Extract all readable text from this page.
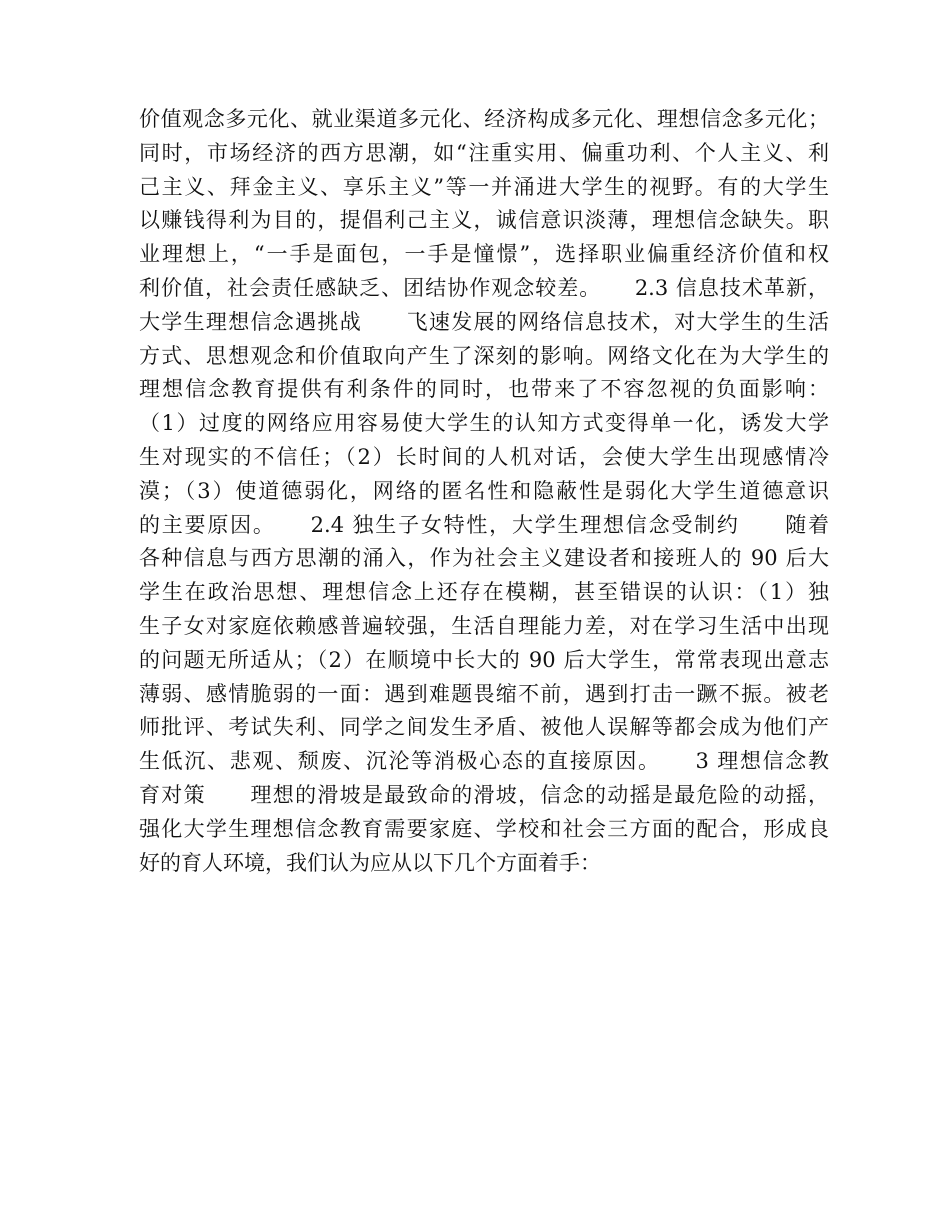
价值观念多元化、就业渠道多元化、经济构成多元化、理想信念多元化；
同时，市场经济的西方思潮，如“注重实用、偏重功利、个人主义、利
己主义、拜金主义、享乐主义”等一并涌进大学生的视野。有的大学生
以赚钱得利为目的，提倡利己主义，诚信意识淡薄，理想信念缺失。职
业理想上，“一手是面包，一手是憧憬”，选择职业偏重经济价值和权
利价值，社会责任感缺乏、团结协作观念较差。　　2.3 信息技术革新，
大学生理想信念遇挑战　　飞速发展的网络信息技术，对大学生的生活
方式、思想观念和价值取向产生了深刻的影响。网络文化在为大学生的
理想信念教育提供有利条件的同时，也带来了不容忽视的负面影响：
（1）过度的网络应用容易使大学生的认知方式变得单一化，诱发大学
生对现实的不信任；（2）长时间的人机对话，会使大学生出现感情冷
漠；（3）使道德弱化，网络的匿名性和隐蔽性是弱化大学生道德意识
的主要原因。　　2.4 独生子女特性，大学生理想信念受制约　　随着
各种信息与西方思潮的涌入，作为社会主义建设者和接班人的 90 后大
学生在政治思想、理想信念上还存在模糊，甚至错误的认识：（1）独
生子女对家庭依赖感普遍较强，生活自理能力差，对在学习生活中出现
的问题无所适从；（2）在顺境中长大的 90 后大学生，常常表现出意志
薄弱、感情脆弱的一面：遇到难题畏缩不前，遇到打击一蹶不振。被老
师批评、考试失利、同学之间发生矛盾、被他人误解等都会成为他们产
生低沉、悲观、颓废、沉沦等消极心态的直接原因。　　3 理想信念教
育对策　　理想的滑坡是最致命的滑坡，信念的动摇是最危险的动摇，
强化大学生理想信念教育需要家庭、学校和社会三方面的配合，形成良
好的育人环境，我们认为应从以下几个方面着手：
